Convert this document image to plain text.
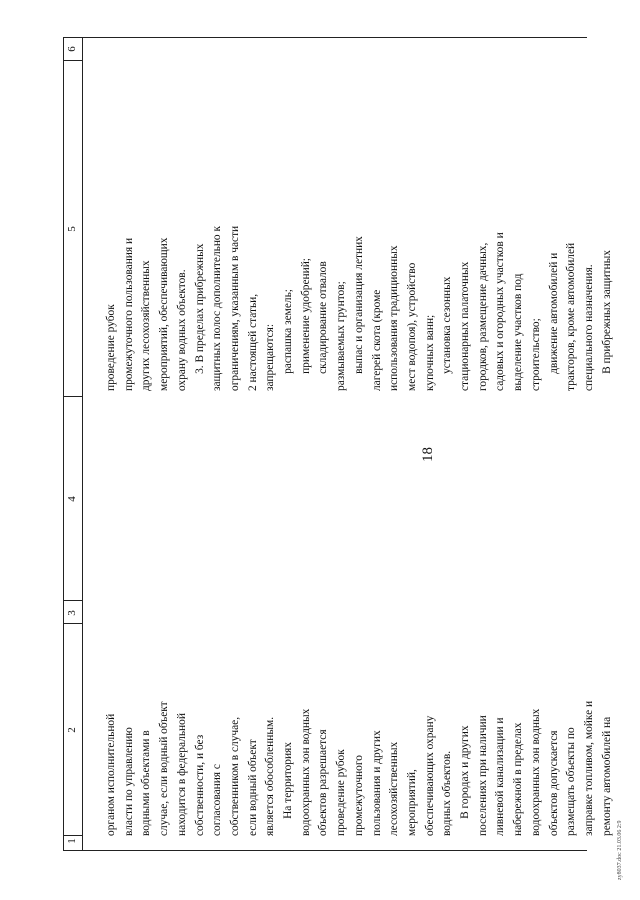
18
1
2
3
4
5
6
органом исполнительной власти по управлению водными объектами в случае, если водный объект находится в федеральной собственности, и без согласования с собственником в случае, если водный объект является обособленным. На территориях водоохранных зон водных объектов разрешается проведение рубок промежуточного пользования и других лесохозяйственных мероприятий, обеспечивающих охрану водных объектов. В городах и других поселениях при наличии ливневой канализации и набережной в пределах водоохранных зон водных объектов допускается размещать объекты по заправке топливом, мойке и ремонту автомобилей на
проведение рубок промежуточного пользования и других лесохозяйственных мероприятий, обеспечивающих охрану водных объектов. 3. В пределах прибрежных защитных полос дополнительно к ограничениям, указанным в части 2 настоящей статьи, запрещаются: распашка земель; применение удобрений; складирование отвалов размываемых грунтов; выпас и организация летних лагерей скота (кроме использования традиционных мест водопоя), устройство купочных ванн; установка сезонных стационарных палаточных городков, размещение дачных, садовых и огородных участков и выделение участков под строительство; движение автомобилей и тракторов, кроме автомобилей специального назначения. В прибрежных защитных
zy8037.doc 21.03.06 2:9
